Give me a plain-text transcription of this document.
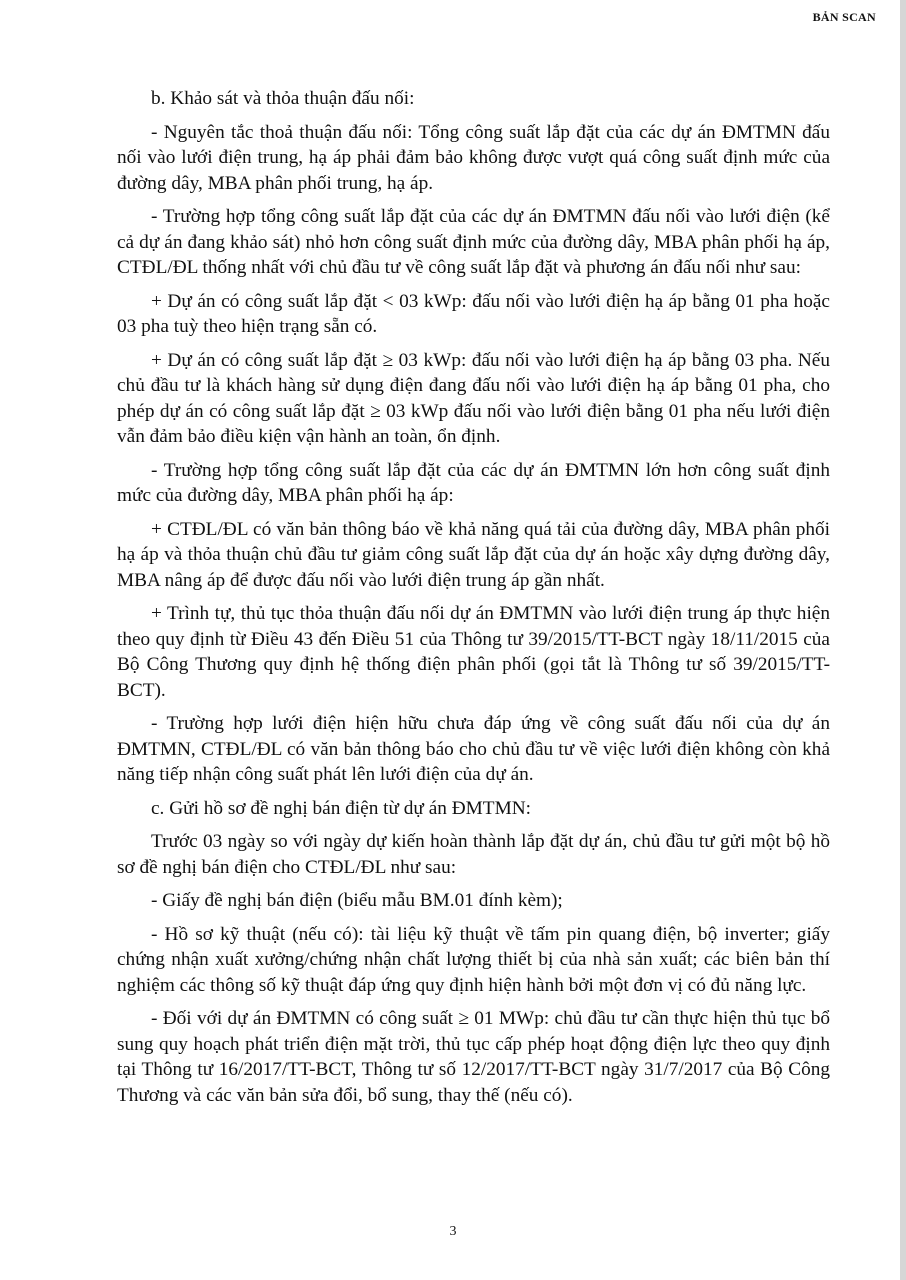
BẢN SCAN

b. Khảo sát và thỏa thuận đấu nối:

- Nguyên tắc thoả thuận đấu nối: Tổng công suất lắp đặt của các dự án ĐMTMN đấu nối vào lưới điện trung, hạ áp phải đảm bảo không được vượt quá công suất định mức của đường dây, MBA phân phối trung, hạ áp.

- Trường hợp tổng công suất lắp đặt của các dự án ĐMTMN đấu nối vào lưới điện (kể cả dự án đang khảo sát) nhỏ hơn công suất định mức của đường dây, MBA phân phối hạ áp, CTĐL/ĐL thống nhất với chủ đầu tư về công suất lắp đặt và phương án đấu nối như sau:

+ Dự án có công suất lắp đặt < 03 kWp: đấu nối vào lưới điện hạ áp bằng 01 pha hoặc 03 pha tuỳ theo hiện trạng sẵn có.

+ Dự án có công suất lắp đặt ≥ 03 kWp: đấu nối vào lưới điện hạ áp bằng 03 pha. Nếu chủ đầu tư là khách hàng sử dụng điện đang đấu nối vào lưới điện hạ áp bằng 01 pha, cho phép dự án có công suất lắp đặt ≥ 03 kWp đấu nối vào lưới điện bằng 01 pha nếu lưới điện vẫn đảm bảo điều kiện vận hành an toàn, ổn định.

- Trường hợp tổng công suất lắp đặt của các dự án ĐMTMN lớn hơn công suất định mức của đường dây, MBA phân phối hạ áp:

+ CTĐL/ĐL có văn bản thông báo về khả năng quá tải của đường dây, MBA phân phối hạ áp và thỏa thuận chủ đầu tư giảm công suất lắp đặt của dự án hoặc xây dựng đường dây, MBA nâng áp để được đấu nối vào lưới điện trung áp gần nhất.

+ Trình tự, thủ tục thỏa thuận đấu nối dự án ĐMTMN vào lưới điện trung áp thực hiện theo quy định từ Điều 43 đến Điều 51 của Thông tư 39/2015/TT-BCT ngày 18/11/2015 của Bộ Công Thương quy định hệ thống điện phân phối (gọi tắt là Thông tư số 39/2015/TT-BCT).

- Trường hợp lưới điện hiện hữu chưa đáp ứng về công suất đấu nối của dự án ĐMTMN, CTĐL/ĐL có văn bản thông báo cho chủ đầu tư về việc lưới điện không còn khả năng tiếp nhận công suất phát lên lưới điện của dự án.

c. Gửi hồ sơ đề nghị bán điện từ dự án ĐMTMN:

Trước 03 ngày so với ngày dự kiến hoàn thành lắp đặt dự án, chủ đầu tư gửi một bộ hồ sơ đề nghị bán điện cho CTĐL/ĐL như sau:

- Giấy đề nghị bán điện (biểu mẫu BM.01 đính kèm);

- Hồ sơ kỹ thuật (nếu có): tài liệu kỹ thuật về tấm pin quang điện, bộ inverter; giấy chứng nhận xuất xưởng/chứng nhận chất lượng thiết bị của nhà sản xuất; các biên bản thí nghiệm các thông số kỹ thuật đáp ứng quy định hiện hành bởi một đơn vị có đủ năng lực.

- Đối với dự án ĐMTMN có công suất ≥ 01 MWp: chủ đầu tư cần thực hiện thủ tục bổ sung quy hoạch phát triển điện mặt trời, thủ tục cấp phép hoạt động điện lực theo quy định tại Thông tư 16/2017/TT-BCT, Thông tư số 12/2017/TT-BCT ngày 31/7/2017 của Bộ Công Thương và các văn bản sửa đổi, bổ sung, thay thế (nếu có).

3
